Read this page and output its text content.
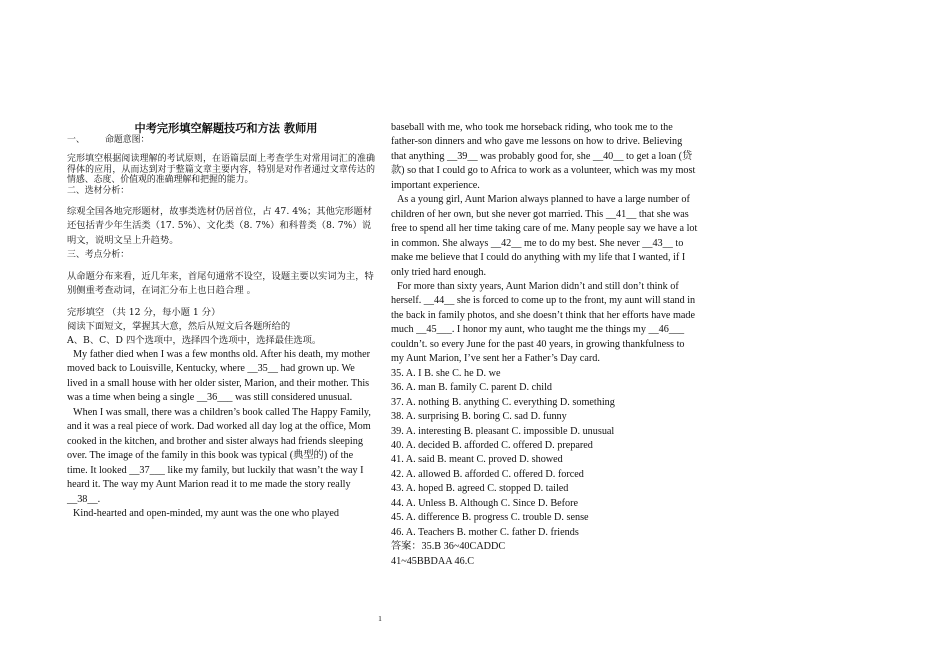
中考完形填空解题技巧和方法 教师用

一、	命题意图：

完形填空根据阅读理解的考试原则，在语篇层面上考查学生对常用词汇的准确得体的应用，从而达到对于整篇文章主要内容，特别是对作者通过文章传达的情感、态度、价值观的准确理解和把握的能力。

二、选材分析：

综观全国各地完形题材，故事类选材仍居首位，占 47. 4%；其他完形题材还包括青少年生活类（17. 5%）、文化类（8. 7%）和科普类（8. 7%）说明文，说明文呈上升趋势。

三、考点分析：

从命题分布来看，近几年来，首尾句通常不设空，设题主要以实词为主，特别侧重考查动词，在词汇分布上也日趋合理 。

完形填空 （共 12 分，每小题 1 分）

阅读下面短文，掌握其大意，然后从短文后各题所给的

A、B、C、D 四个选项中，选择四个选项中，选择最佳选项。

My father died when I was a few months old. After his death, my mother moved back to Louisville, Kentucky, where __35__ had grown up. We lived in a small house with her older sister, Marion, and their mother. This was a time when being a single __36___ was still considered unusual.

When I was small, there was a children’s book called The Happy Family, and it was a real piece of work. Dad worked all day log at the office, Mom cooked in the kitchen, and brother and sister always had friends sleeping over. The image of the family in this book was typical (典型的) of the time. It looked __37___ like my family, but luckily that wasn’t the way I heard it. The way my Aunt Marion read it to me made the story really __38__.

Kind-hearted and open-minded, my aunt was the one who played

baseball with me, who took me horseback riding, who took me to the father-son dinners and who gave me lessons on how to drive. Believing that anything __39__ was probably good for, she __40__ to get a loan (贷款) so that I could go to Africa to work as a volunteer, which was my most important experience.

As a young girl, Aunt Marion always planned to have a large number of children of her own, but she never got married. This __41__ that she was free to spend all her time taking care of me. Many people say we have a lot in common. She always __42__ me to do my best. She never __43__ to make me believe that I could do anything with my life that I wanted, if I only tried hard enough.

For more than sixty years, Aunt Marion didn’t and still don’t think of herself. __44__ she is forced to come up to the front, my aunt will stand in the back in family photos, and she doesn’t think that her efforts have made much __45___. I honor my aunt, who taught me the things my __46___ couldn’t. so every June for the past 40 years, in growing thankfulness to my Aunt Marion, I’ve sent her a Father’s Day card.

35. A. I B. she C. he D. we

36. A. man B. family C. parent D. child

37. A. nothing B. anything C. everything D. something

38. A. surprising B. boring C. sad D. funny

39. A. interesting B. pleasant C. impossible D. unusual

40. A. decided B. afforded C. offered D. prepared

41. A. said B. meant C. proved D. showed

42. A. allowed B. afforded C. offered D. forced

43. A. hoped B. agreed C. stopped D. tailed

44. A. Unless B. Although C. Since D. Before

45. A. difference B. progress C. trouble D. sense

46. A. Teachers B. mother C. father D. friends

答案：35.B 36~40CADDC

41~45BBDAA 46.C

1
